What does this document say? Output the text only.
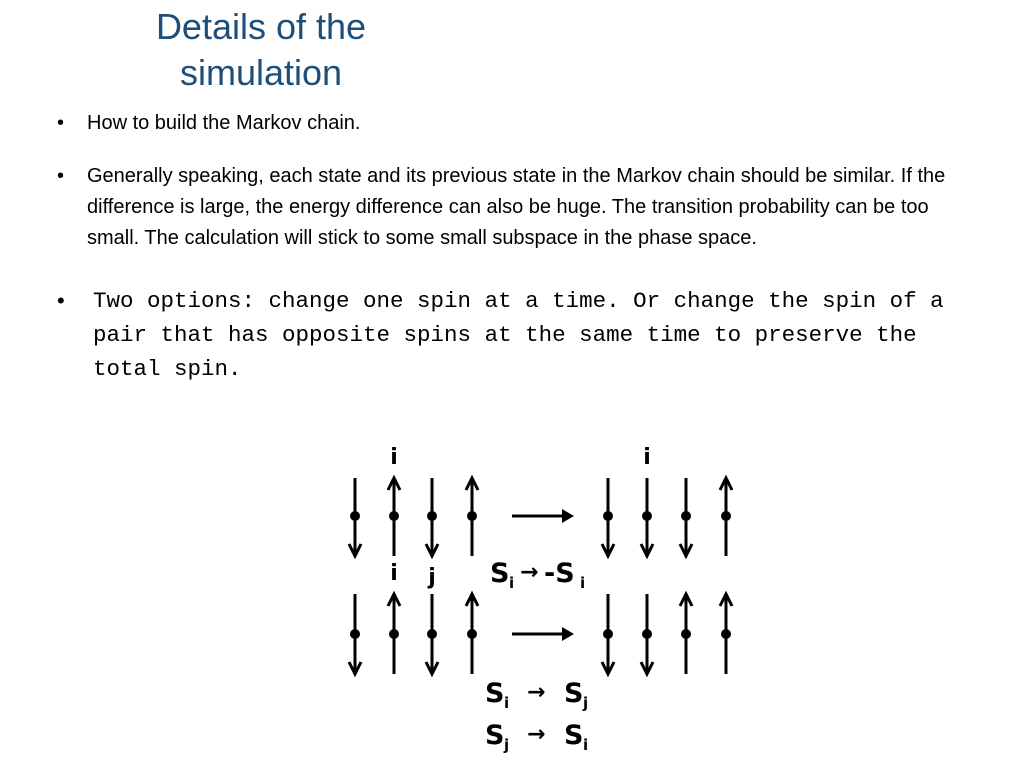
Details of the
simulation
• How to build the Markov chain.
• Generally speaking, each state and its previous state in the Markov chain should be similar. If the difference is large, the energy difference can also be huge. The transition probability can be too small. The calculation will stick to some small subspace in the phase space.
• Two options: change one spin at a time. Or change the spin of a pair that has opposite spins at the same time to preserve the total spin.
i	i
i j S i → -S i
S i → S j
S j → S i
